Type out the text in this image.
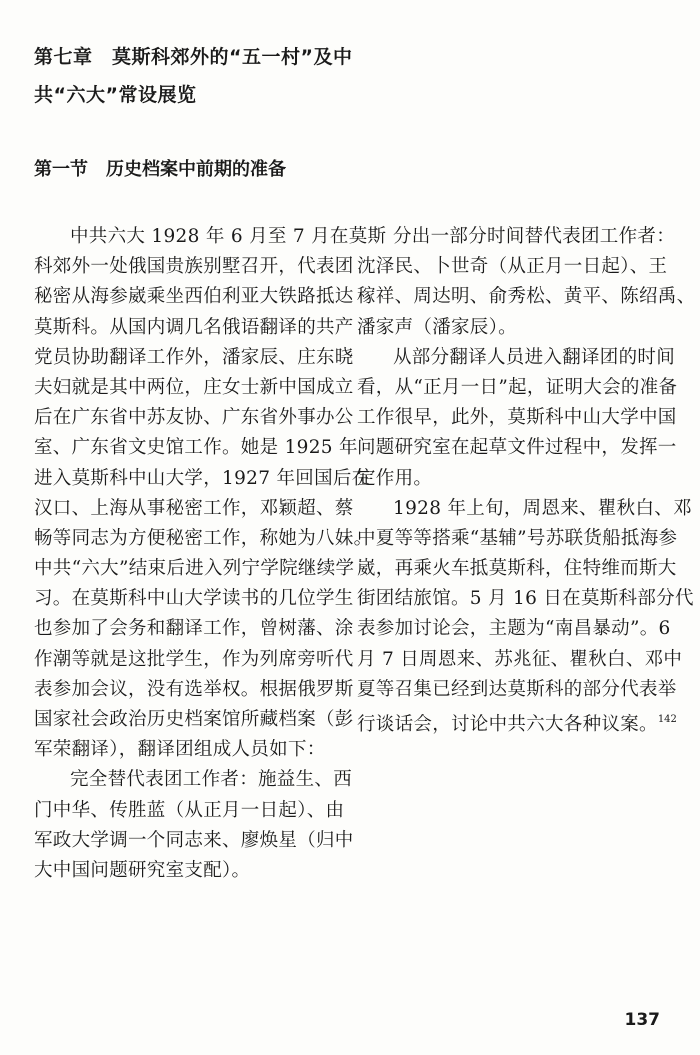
第七章　莫斯科郊外的“五一村”及中
共“六大”常设展览
第一节　历史档案中前期的准备
中共六大 1928 年 6 月至 7 月在莫斯
科郊外一处俄国贵族别墅召开，代表团
秘密从海参崴乘坐西伯利亚大铁路抵达
莫斯科。从国内调几名俄语翻译的共产
党员协助翻译工作外，潘家辰、庄东晓
夫妇就是其中两位，庄女士新中国成立
后在广东省中苏友协、广东省外事办公
室、广东省文史馆工作。她是 1925 年
进入莫斯科中山大学，1927 年回国后在
汉口、上海从事秘密工作，邓颖超、蔡
畅等同志为方便秘密工作，称她为八妹。
中共“六大”结束后进入列宁学院继续学
习。在莫斯科中山大学读书的几位学生
也参加了会务和翻译工作，曾树藩、涂
作潮等就是这批学生，作为列席旁听代
表参加会议，没有选举权。根据俄罗斯
国家社会政治历史档案馆所藏档案（彭
军荣翻译），翻译团组成人员如下：
完全替代表团工作者：施益生、西
门中华、传胜蓝（从正月一日起）、由
军政大学调一个同志来、廖焕星（归中
大中国问题研究室支配）。
分出一部分时间替代表团工作者：
沈泽民、卜世奇（从正月一日起）、王
稼祥、周达明、俞秀松、黄平、陈绍禹、
潘家声（潘家辰）。
从部分翻译人员进入翻译团的时间
看，从“正月一日”起，证明大会的准备
工作很早，此外，莫斯科中山大学中国
问题研究室在起草文件过程中，发挥一
定作用。
1928 年上旬，周恩来、瞿秋白、邓
中夏等等搭乘“基辅”号苏联货船抵海参
崴，再乘火车抵莫斯科，住特维而斯大
街团结旅馆。5 月 16 日在莫斯科部分代
表参加讨论会，主题为“南昌暴动”。6
月 7 日周恩来、苏兆征、瞿秋白、邓中
夏等召集已经到达莫斯科的部分代表举
行谈话会，讨论中共六大各种议案。$^{142}$
137
